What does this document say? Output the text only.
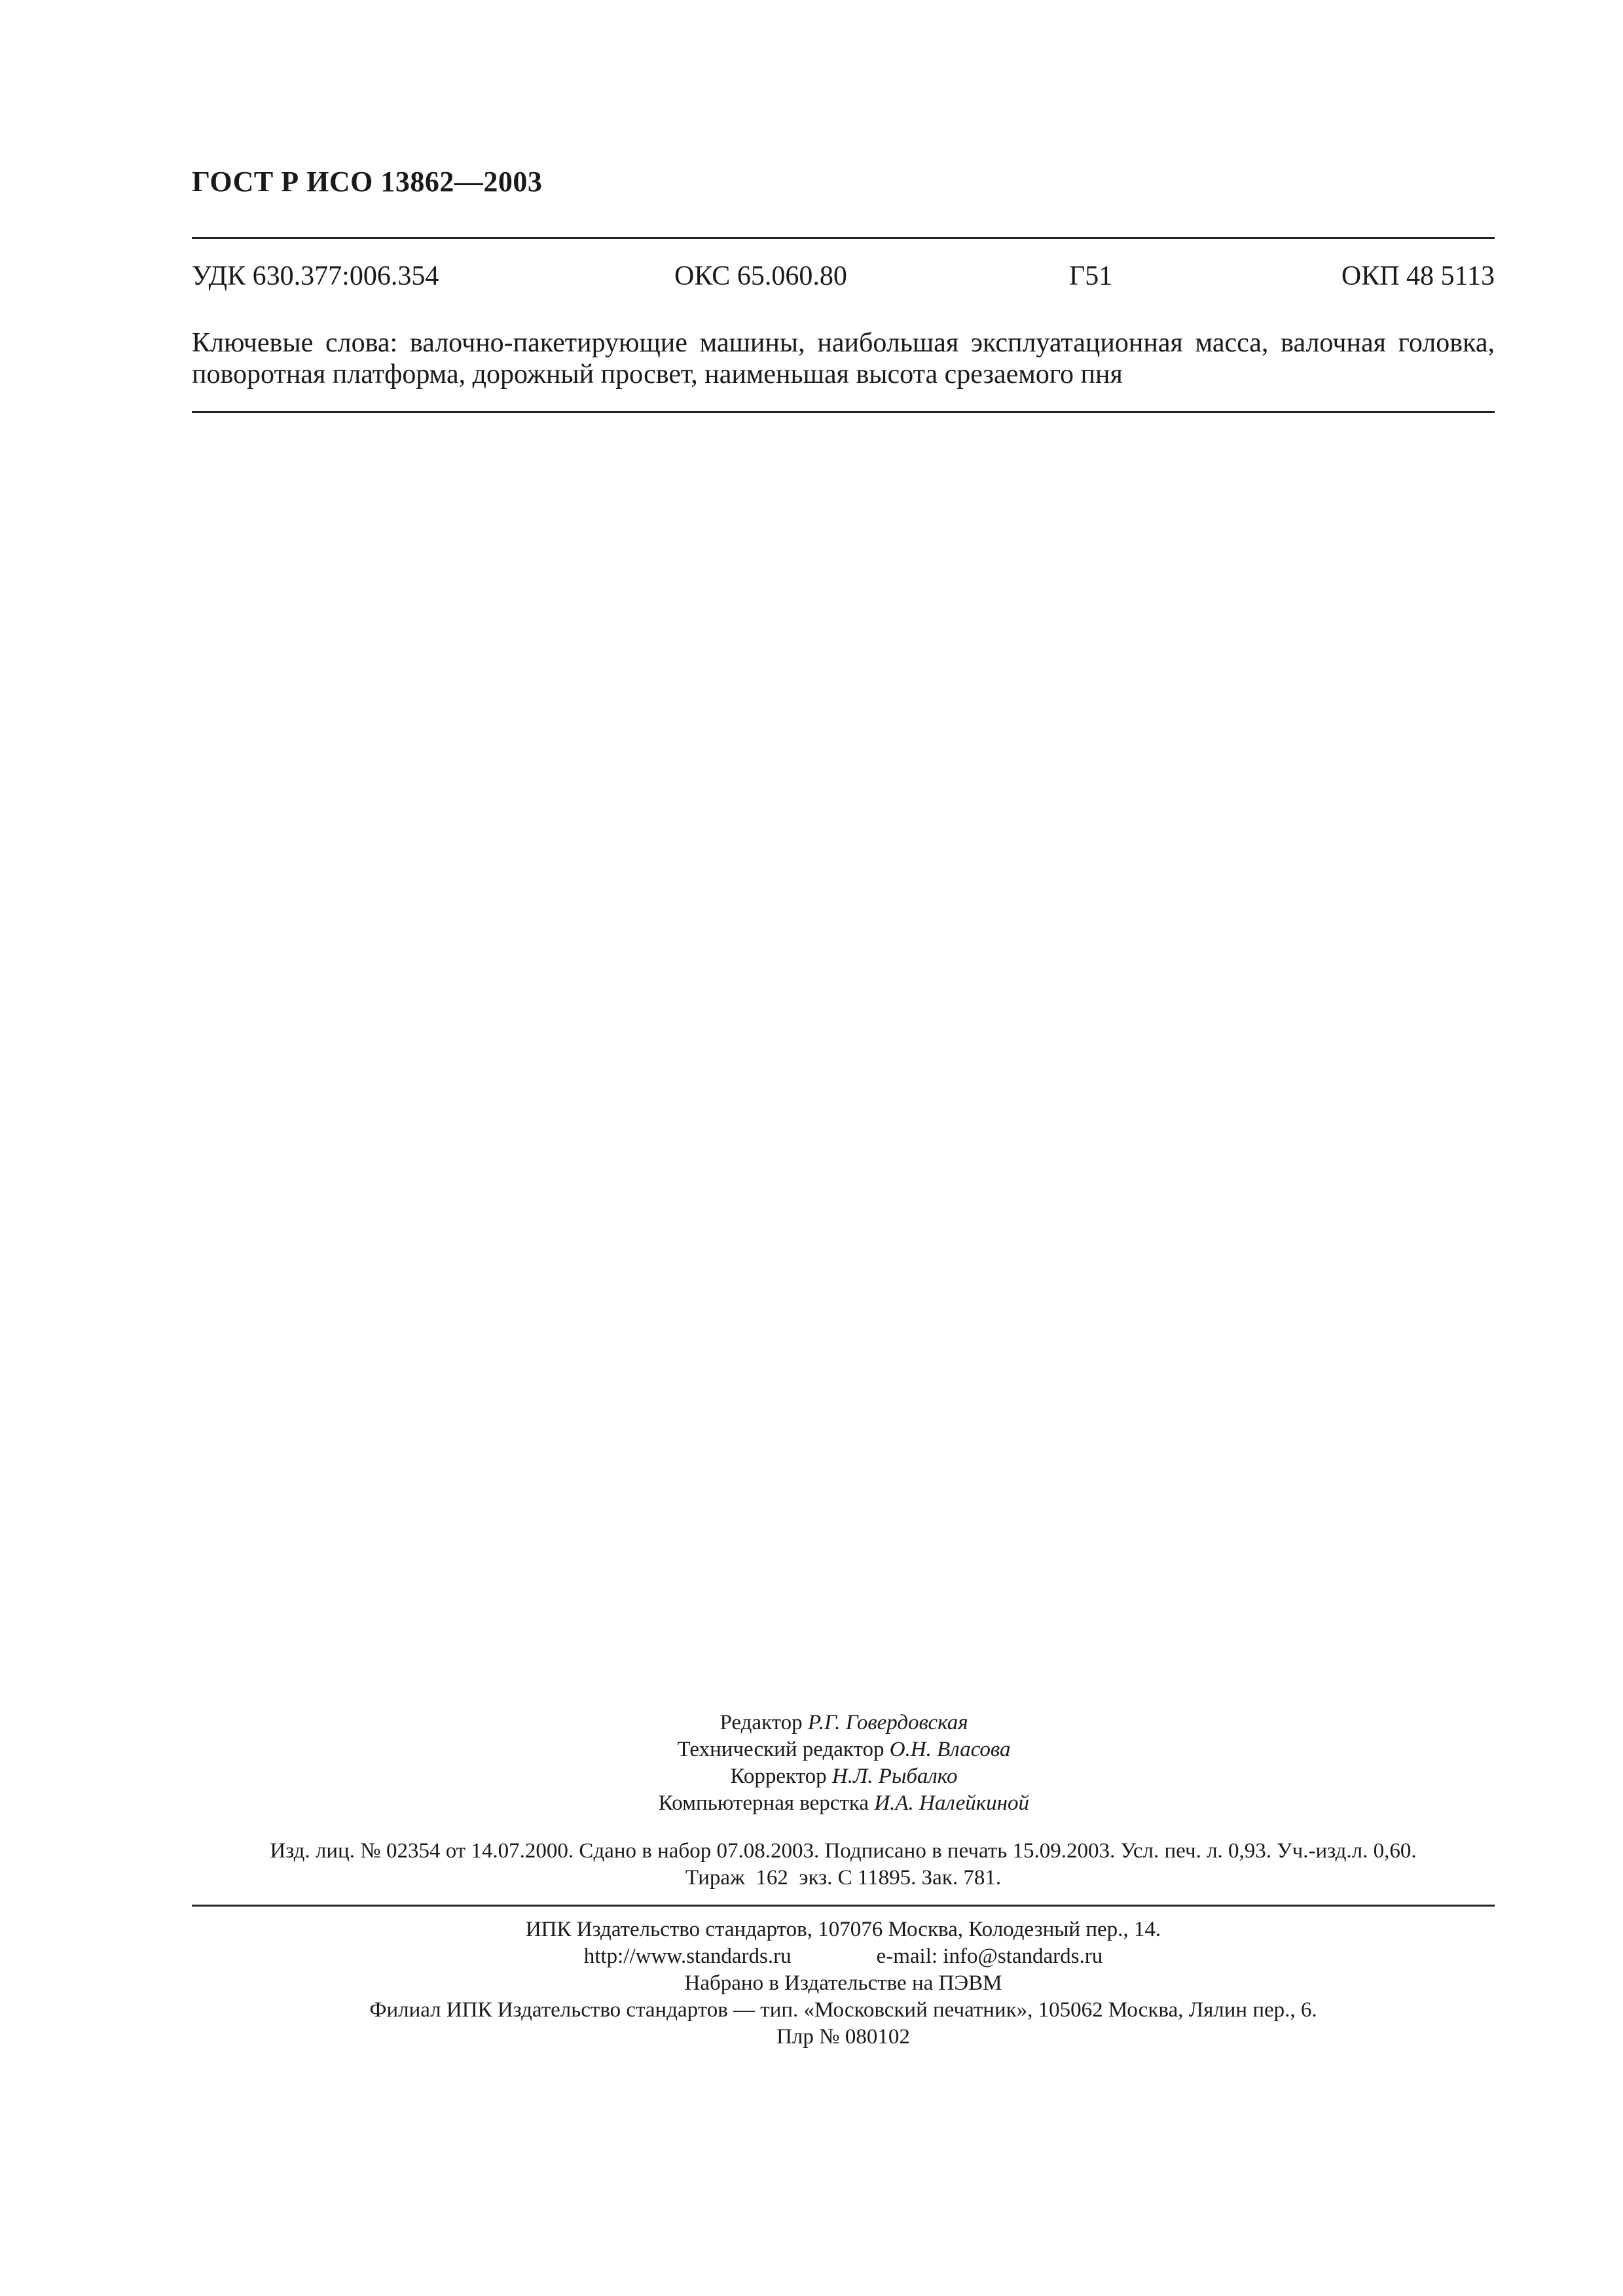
ГОСТ Р ИСО 13862—2003
УДК 630.377:006.354	ОКС 65.060.80	Г51	ОКП 48 5113
Ключевые слова: валочно-пакетирующие машины, наибольшая эксплуатационная масса, валочная головка, поворотная платформа, дорожный просвет, наименьшая высота срезаемого пня
Редактор Р.Г. Говердовская
Технический редактор О.Н. Власова
Корректор Н.Л. Рыбалко
Компьютерная верстка И.А. Налейкиной
Изд. лиц. № 02354 от 14.07.2000. Сдано в набор 07.08.2003. Подписано в печать 15.09.2003. Усл. печ. л. 0,93. Уч.-изд.л. 0,60.
Тираж  162  экз. С 11895. Зак. 781.
ИПК Издательство стандартов, 107076 Москва, Колодезный пер., 14.
http://www.standards.ru	e-mail: info@standards.ru
Набрано в Издательстве на ПЭВМ
Филиал ИПК Издательство стандартов — тип. «Московский печатник», 105062 Москва, Лялин пер., 6.
Плр № 080102
